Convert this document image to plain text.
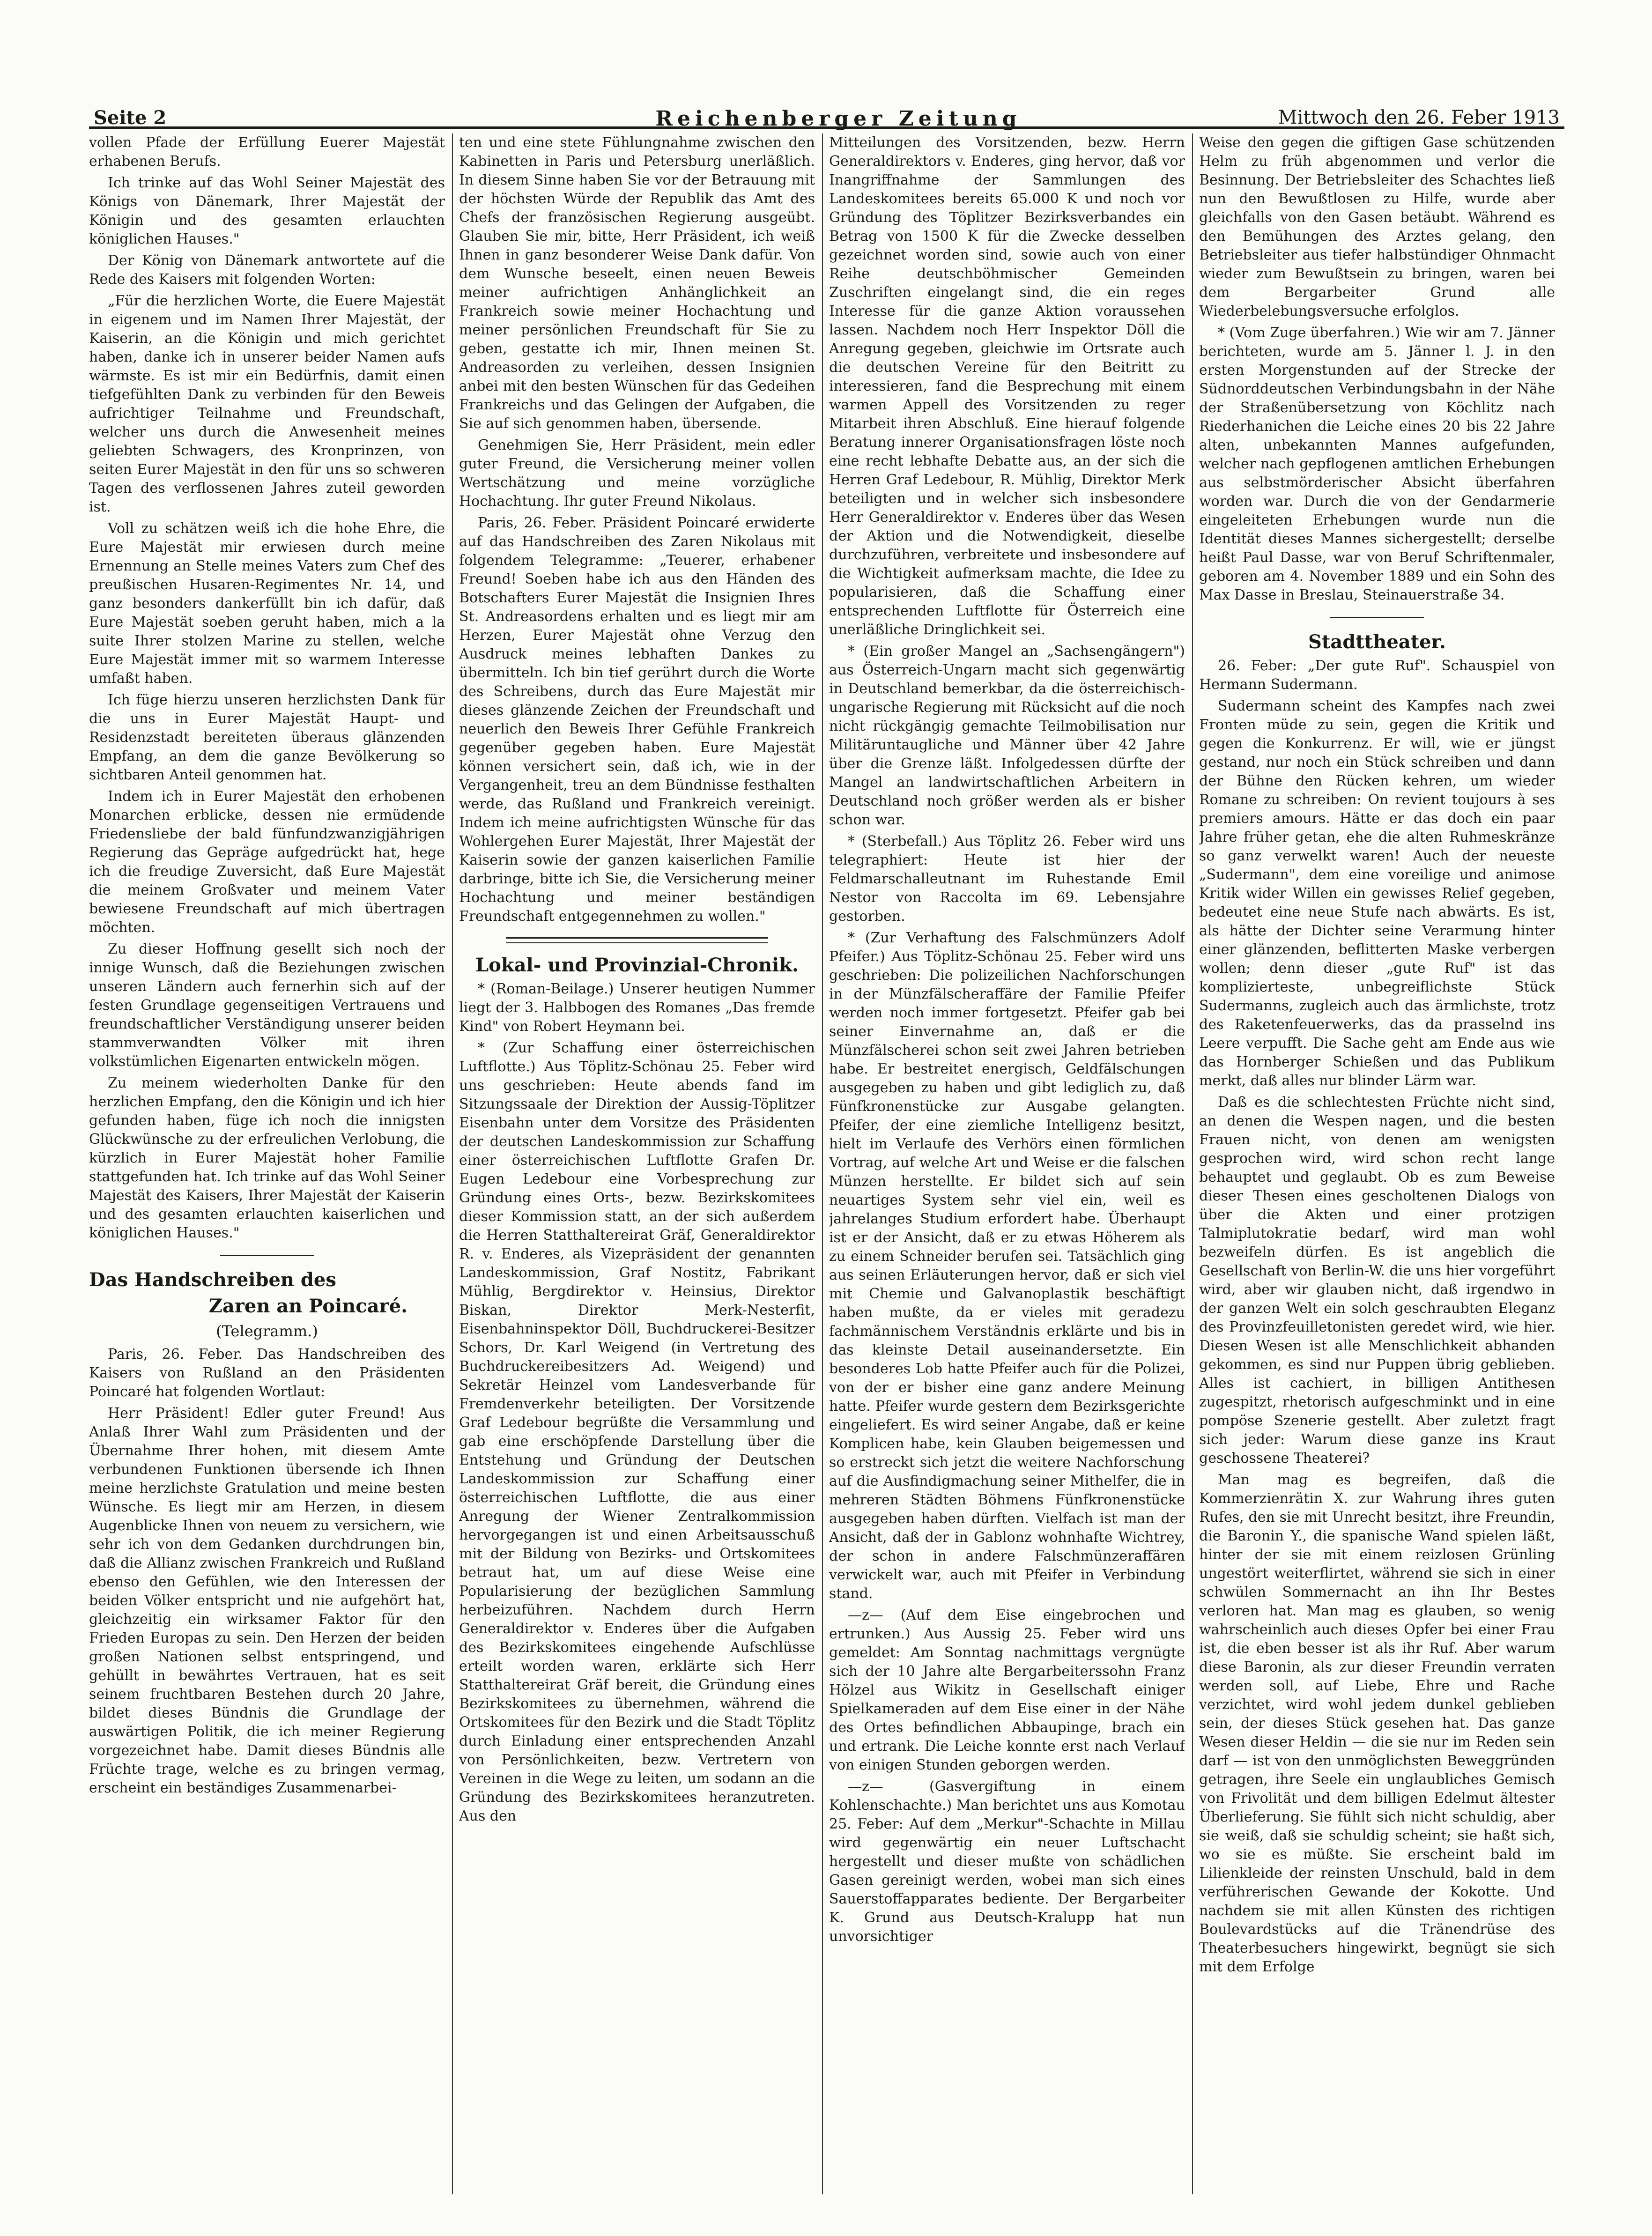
Seite 2	Reichenberger Zeitung	Mittwoch den 26. Feber 1913

vollen Pfade der Erfüllung Euerer Majestät erhabenen Berufs.

Ich trinke auf das Wohl Seiner Majestät des Königs von Dänemark, Ihrer Majestät der Königin und des gesamten erlauchten königlichen Hauses."

Der König von Dänemark antwortete auf die Rede des Kaisers mit folgenden Worten:

„Für die herzlichen Worte, die Euere Majestät in eigenem und im Namen Ihrer Majestät, der Kaiserin, an die Königin und mich gerichtet haben, danke ich in unserer beider Namen aufs wärmste. Es ist mir ein Bedürfnis, damit einen tiefgefühlten Dank zu verbinden für den Beweis aufrichtiger Teilnahme und Freundschaft, welcher uns durch die Anwesenheit meines geliebten Schwagers, des Kronprinzen, von seiten Eurer Majestät in den für uns so schweren Tagen des verflossenen Jahres zuteil geworden ist.

Voll zu schätzen weiß ich die hohe Ehre, die Eure Majestät mir erwiesen durch meine Ernennung an Stelle meines Vaters zum Chef des preußischen Husaren-Regimentes Nr. 14, und ganz besonders dankerfüllt bin ich dafür, daß Eure Majestät soeben geruht haben, mich a la suite Ihrer stolzen Marine zu stellen, welche Eure Majestät immer mit so warmem Interesse umfaßt haben.

Ich füge hierzu unseren herzlichsten Dank für die uns in Eurer Majestät Haupt- und Residenzstadt bereiteten überaus glänzenden Empfang, an dem die ganze Bevölkerung so sichtbaren Anteil genommen hat.

Indem ich in Eurer Majestät den erhobenen Monarchen erblicke, dessen nie ermüdende Friedensliebe der bald fünfundzwanzigjährigen Regierung das Gepräge aufgedrückt hat, hege ich die freudige Zuversicht, daß Eure Majestät die meinem Großvater und meinem Vater bewiesene Freundschaft auf mich übertragen möchten.

Zu dieser Hoffnung gesellt sich noch der innige Wunsch, daß die Beziehungen zwischen unseren Ländern auch fernerhin sich auf der festen Grundlage gegenseitigen Vertrauens und freundschaftlicher Verständigung unserer beiden stammverwandten Völker mit ihren volkstümlichen Eigenarten entwickeln mögen.

Zu meinem wiederholten Danke für den herzlichen Empfang, den die Königin und ich hier gefunden haben, füge ich noch die innigsten Glückwünsche zu der erfreulichen Verlobung, die kürzlich in Eurer Majestät hoher Familie stattgefunden hat. Ich trinke auf das Wohl Seiner Majestät des Kaisers, Ihrer Majestät der Kaiserin und des gesamten erlauchten kaiserlichen und königlichen Hauses."

Das Handschreiben des
Zaren an Poincaré.
(Telegramm.)

Paris, 26. Feber. Das Handschreiben des Kaisers von Rußland an den Präsidenten Poincaré hat folgenden Wortlaut:

Herr Präsident! Edler guter Freund! Aus Anlaß Ihrer Wahl zum Präsidenten und der Übernahme Ihrer hohen, mit diesem Amte verbundenen Funktionen übersende ich Ihnen meine herzlichste Gratulation und meine besten Wünsche. Es liegt mir am Herzen, in diesem Augenblicke Ihnen von neuem zu versichern, wie sehr ich von dem Gedanken durchdrungen bin, daß die Allianz zwischen Frankreich und Rußland ebenso den Gefühlen, wie den Interessen der beiden Völker entspricht und nie aufgehört hat, gleichzeitig ein wirksamer Faktor für den Frieden Europas zu sein. Den Herzen der beiden großen Nationen selbst entspringend, und gehüllt in bewährtes Vertrauen, hat es seit seinem fruchtbaren Bestehen durch 20 Jahre, bildet dieses Bündnis die Grundlage der auswärtigen Politik, die ich meiner Regierung vorgezeichnet habe. Damit dieses Bündnis alle Früchte trage, welche es zu bringen vermag, erscheint ein beständiges Zusammenarbei-

ten und eine stete Fühlungnahme zwischen den Kabinetten in Paris und Petersburg unerläßlich. In diesem Sinne haben Sie vor der Betrauung mit der höchsten Würde der Republik das Amt des Chefs der französischen Regierung ausgeübt. Glauben Sie mir, bitte, Herr Präsident, ich weiß Ihnen in ganz besonderer Weise Dank dafür. Von dem Wunsche beseelt, einen neuen Beweis meiner aufrichtigen Anhänglichkeit an Frankreich sowie meiner Hochachtung und meiner persönlichen Freundschaft für Sie zu geben, gestatte ich mir, Ihnen meinen St. Andreasorden zu verleihen, dessen Insignien anbei mit den besten Wünschen für das Gedeihen Frankreichs und das Gelingen der Aufgaben, die Sie auf sich genommen haben, übersende.

Genehmigen Sie, Herr Präsident, mein edler guter Freund, die Versicherung meiner vollen Wertschätzung und meine vorzügliche Hochachtung. Ihr guter Freund Nikolaus.

Paris, 26. Feber. Präsident Poincaré erwiderte auf das Handschreiben des Zaren Nikolaus mit folgendem Telegramme: „Teuerer, erhabener Freund! Soeben habe ich aus den Händen des Botschafters Eurer Majestät die Insignien Ihres St. Andreasordens erhalten und es liegt mir am Herzen, Eurer Majestät ohne Verzug den Ausdruck meines lebhaften Dankes zu übermitteln. Ich bin tief gerührt durch die Worte des Schreibens, durch das Eure Majestät mir dieses glänzende Zeichen der Freundschaft und neuerlich den Beweis Ihrer Gefühle Frankreich gegenüber gegeben haben. Eure Majestät können versichert sein, daß ich, wie in der Vergangenheit, treu an dem Bündnisse festhalten werde, das Rußland und Frankreich vereinigt. Indem ich meine aufrichtigsten Wünsche für das Wohlergehen Eurer Majestät, Ihrer Majestät der Kaiserin sowie der ganzen kaiserlichen Familie darbringe, bitte ich Sie, die Versicherung meiner Hochachtung und meiner beständigen Freundschaft entgegennehmen zu wollen."

Lokal- und Provinzial-Chronik.

* (Roman-Beilage.) Unserer heutigen Nummer liegt der 3. Halbbogen des Romanes „Das fremde Kind" von Robert Heymann bei.

* (Zur Schaffung einer österreichischen Luftflotte.) Aus Töplitz-Schönau 25. Feber wird uns geschrieben: Heute abends fand im Sitzungssaale der Direktion der Aussig-Töplitzer Eisenbahn unter dem Vorsitze des Präsidenten der deutschen Landeskommission zur Schaffung einer österreichischen Luftflotte Grafen Dr. Eugen Ledebour eine Vorbesprechung zur Gründung eines Orts-, bezw. Bezirkskomitees dieser Kommission statt, an der sich außerdem die Herren Statthaltereirat Gräf, Generaldirektor R. v. Enderes, als Vizepräsident der genannten Landeskommission, Graf Nostitz, Fabrikant Mühlig, Bergdirektor v. Heinsius, Direktor Biskan, Direktor Merk-Nesterfit, Eisenbahninspektor Döll, Buchdruckerei-Besitzer Schors, Dr. Karl Weigend (in Vertretung des Buchdruckereibesitzers Ad. Weigend) und Sekretär Heinzel vom Landesverbande für Fremdenverkehr beteiligten. Der Vorsitzende Graf Ledebour begrüßte die Versammlung und gab eine erschöpfende Darstellung über die Entstehung und Gründung der Deutschen Landeskommission zur Schaffung einer österreichischen Luftflotte, die aus einer Anregung der Wiener Zentralkommission hervorgegangen ist und einen Arbeitsausschuß mit der Bildung von Bezirks- und Ortskomitees betraut hat, um auf diese Weise eine Popularisierung der bezüglichen Sammlung herbeizuführen. Nachdem durch Herrn Generaldirektor v. Enderes über die Aufgaben des Bezirkskomitees eingehende Aufschlüsse erteilt worden waren, erklärte sich Herr Statthaltereirat Gräf bereit, die Gründung eines Bezirkskomitees zu übernehmen, während die Ortskomitees für den Bezirk und die Stadt Töplitz durch Einladung einer entsprechenden Anzahl von Persönlichkeiten, bezw. Vertretern von Vereinen in die Wege zu leiten, um sodann an die Gründung des Bezirkskomitees heranzutreten. Aus den

Mitteilungen des Vorsitzenden, bezw. Herrn Generaldirektors v. Enderes, ging hervor, daß vor Inangriffnahme der Sammlungen des Landeskomitees bereits 65.000 K und noch vor Gründung des Töplitzer Bezirksverbandes ein Betrag von 1500 K für die Zwecke desselben gezeichnet worden sind, sowie auch von einer Reihe deutschböhmischer Gemeinden Zuschriften eingelangt sind, die ein reges Interesse für die ganze Aktion voraussehen lassen. Nachdem noch Herr Inspektor Döll die Anregung gegeben, gleichwie im Ortsrate auch die deutschen Vereine für den Beitritt zu interessieren, fand die Besprechung mit einem warmen Appell des Vorsitzenden zu reger Mitarbeit ihren Abschluß. Eine hierauf folgende Beratung innerer Organisationsfragen löste noch eine recht lebhafte Debatte aus, an der sich die Herren Graf Ledebour, R. Mühlig, Direktor Merk beteiligten und in welcher sich insbesondere Herr Generaldirektor v. Enderes über das Wesen der Aktion und die Notwendigkeit, dieselbe durchzuführen, verbreitete und insbesondere auf die Wichtigkeit aufmerksam machte, die Idee zu popularisieren, daß die Schaffung einer entsprechenden Luftflotte für Österreich eine unerläßliche Dringlichkeit sei.

* (Ein großer Mangel an „Sachsengängern") aus Österreich-Ungarn macht sich gegenwärtig in Deutschland bemerkbar, da die österreichisch-ungarische Regierung mit Rücksicht auf die noch nicht rückgängig gemachte Teilmobilisation nur Militäruntaugliche und Männer über 42 Jahre über die Grenze läßt. Infolgedessen dürfte der Mangel an landwirtschaftlichen Arbeitern in Deutschland noch größer werden als er bisher schon war.

* (Sterbefall.) Aus Töplitz 26. Feber wird uns telegraphiert: Heute ist hier der Feldmarschalleutnant im Ruhestande Emil Nestor von Raccolta im 69. Lebensjahre gestorben.

* (Zur Verhaftung des Falschmünzers Adolf Pfeifer.) Aus Töplitz-Schönau 25. Feber wird uns geschrieben: Die polizeilichen Nachforschungen in der Münzfälscheraffäre der Familie Pfeifer werden noch immer fortgesetzt. Pfeifer gab bei seiner Einvernahme an, daß er die Münzfälscherei schon seit zwei Jahren betrieben habe. Er bestreitet energisch, Geldfälschungen ausgegeben zu haben und gibt lediglich zu, daß Fünfkronenstücke zur Ausgabe gelangten. Pfeifer, der eine ziemliche Intelligenz besitzt, hielt im Verlaufe des Verhörs einen förmlichen Vortrag, auf welche Art und Weise er die falschen Münzen herstellte. Er bildet sich auf sein neuartiges System sehr viel ein, weil es jahrelanges Studium erfordert habe. Überhaupt ist er der Ansicht, daß er zu etwas Höherem als zu einem Schneider berufen sei. Tatsächlich ging aus seinen Erläuterungen hervor, daß er sich viel mit Chemie und Galvanoplastik beschäftigt haben mußte, da er vieles mit geradezu fachmännischem Verständnis erklärte und bis in das kleinste Detail auseinandersetzte. Ein besonderes Lob hatte Pfeifer auch für die Polizei, von der er bisher eine ganz andere Meinung hatte. Pfeifer wurde gestern dem Bezirksgerichte eingeliefert. Es wird seiner Angabe, daß er keine Komplicen habe, kein Glauben beigemessen und so erstreckt sich jetzt die weitere Nachforschung auf die Ausfindigmachung seiner Mithelfer, die in mehreren Städten Böhmens Fünfkronenstücke ausgegeben haben dürften. Vielfach ist man der Ansicht, daß der in Gablonz wohnhafte Wichtrey, der schon in andere Falschmünzeraffären verwickelt war, auch mit Pfeifer in Verbindung stand.

—z— (Auf dem Eise eingebrochen und ertrunken.) Aus Aussig 25. Feber wird uns gemeldet: Am Sonntag nachmittags vergnügte sich der 10 Jahre alte Bergarbeiterssohn Franz Hölzel aus Wikitz in Gesellschaft einiger Spielkameraden auf dem Eise einer in der Nähe des Ortes befindlichen Abbaupinge, brach ein und ertrank. Die Leiche konnte erst nach Verlauf von einigen Stunden geborgen werden.

—z— (Gasvergiftung in einem Kohlenschachte.) Man berichtet uns aus Komotau 25. Feber: Auf dem „Merkur"-Schachte in Millau wird gegenwärtig ein neuer Luftschacht hergestellt und dieser mußte von schädlichen Gasen gereinigt werden, wobei man sich eines Sauerstoffapparates bediente. Der Bergarbeiter K. Grund aus Deutsch-Kralupp hat nun unvorsichtiger

Weise den gegen die giftigen Gase schützenden Helm zu früh abgenommen und verlor die Besinnung. Der Betriebsleiter des Schachtes ließ nun den Bewußtlosen zu Hilfe, wurde aber gleichfalls von den Gasen betäubt. Während es den Bemühungen des Arztes gelang, den Betriebsleiter aus tiefer halbstündiger Ohnmacht wieder zum Bewußtsein zu bringen, waren bei dem Bergarbeiter Grund alle Wiederbelebungsversuche erfolglos.

* (Vom Zuge überfahren.) Wie wir am 7. Jänner berichteten, wurde am 5. Jänner l. J. in den ersten Morgenstunden auf der Strecke der Südnorddeutschen Verbindungsbahn in der Nähe der Straßenübersetzung von Köchlitz nach Riederhanichen die Leiche eines 20 bis 22 Jahre alten, unbekannten Mannes aufgefunden, welcher nach gepflogenen amtlichen Erhebungen aus selbstmörderischer Absicht überfahren worden war. Durch die von der Gendarmerie eingeleiteten Erhebungen wurde nun die Identität dieses Mannes sichergestellt; derselbe heißt Paul Dasse, war von Beruf Schriftenmaler, geboren am 4. November 1889 und ein Sohn des Max Dasse in Breslau, Steinauerstraße 34.

Stadttheater.

26. Feber: „Der gute Ruf". Schauspiel von Hermann Sudermann.

Sudermann scheint des Kampfes nach zwei Fronten müde zu sein, gegen die Kritik und gegen die Konkurrenz. Er will, wie er jüngst gestand, nur noch ein Stück schreiben und dann der Bühne den Rücken kehren, um wieder Romane zu schreiben: On revient toujours à ses premiers amours. Hätte er das doch ein paar Jahre früher getan, ehe die alten Ruhmeskränze so ganz verwelkt waren! Auch der neueste „Sudermann", dem eine voreilige und animose Kritik wider Willen ein gewisses Relief gegeben, bedeutet eine neue Stufe nach abwärts. Es ist, als hätte der Dichter seine Verarmung hinter einer glänzenden, beflitterten Maske verbergen wollen; denn dieser „gute Ruf" ist das komplizierteste, unbegreiflichste Stück Sudermanns, zugleich auch das ärmlichste, trotz des Raketenfeuerwerks, das da prasselnd ins Leere verpufft. Die Sache geht am Ende aus wie das Hornberger Schießen und das Publikum merkt, daß alles nur blinder Lärm war.

Daß es die schlechtesten Früchte nicht sind, an denen die Wespen nagen, und die besten Frauen nicht, von denen am wenigsten gesprochen wird, wird schon recht lange behauptet und geglaubt. Ob es zum Beweise dieser Thesen eines gescholtenen Dialogs von über die Akten und einer protzigen Talmiplutokratie bedarf, wird man wohl bezweifeln dürfen. Es ist angeblich die Gesellschaft von Berlin-W. die uns hier vorgeführt wird, aber wir glauben nicht, daß irgendwo in der ganzen Welt ein solch geschraubten Eleganz des Provinzfeuilletonisten geredet wird, wie hier. Diesen Wesen ist alle Menschlichkeit abhanden gekommen, es sind nur Puppen übrig geblieben. Alles ist cachiert, in billigen Antithesen zugespitzt, rhetorisch aufgeschminkt und in eine pompöse Szenerie gestellt. Aber zuletzt fragt sich jeder: Warum diese ganze ins Kraut geschossene Theaterei?

Man mag es begreifen, daß die Kommerzienrätin X. zur Wahrung ihres guten Rufes, den sie mit Unrecht besitzt, ihre Freundin, die Baronin Y., die spanische Wand spielen läßt, hinter der sie mit einem reizlosen Grünling ungestört weiterflirtet, während sie sich in einer schwülen Sommernacht an ihn Ihr Bestes verloren hat. Man mag es glauben, so wenig wahrscheinlich auch dieses Opfer bei einer Frau ist, die eben besser ist als ihr Ruf. Aber warum diese Baronin, als zur dieser Freundin verraten werden soll, auf Liebe, Ehre und Rache verzichtet, wird wohl jedem dunkel geblieben sein, der dieses Stück gesehen hat. Das ganze Wesen dieser Heldin — die sie nur im Reden sein darf — ist von den unmöglichsten Beweggründen getragen, ihre Seele ein unglaubliches Gemisch von Frivolität und dem billigen Edelmut ältester Überlieferung. Sie fühlt sich nicht schuldig, aber sie weiß, daß sie schuldig scheint; sie haßt sich, wo sie es müßte. Sie erscheint bald im Lilienkleide der reinsten Unschuld, bald in dem verführerischen Gewande der Kokotte. Und nachdem sie mit allen Künsten des richtigen Boulevardstücks auf die Tränendrüse des Theaterbesuchers hingewirkt, begnügt sie sich mit dem Erfolge
